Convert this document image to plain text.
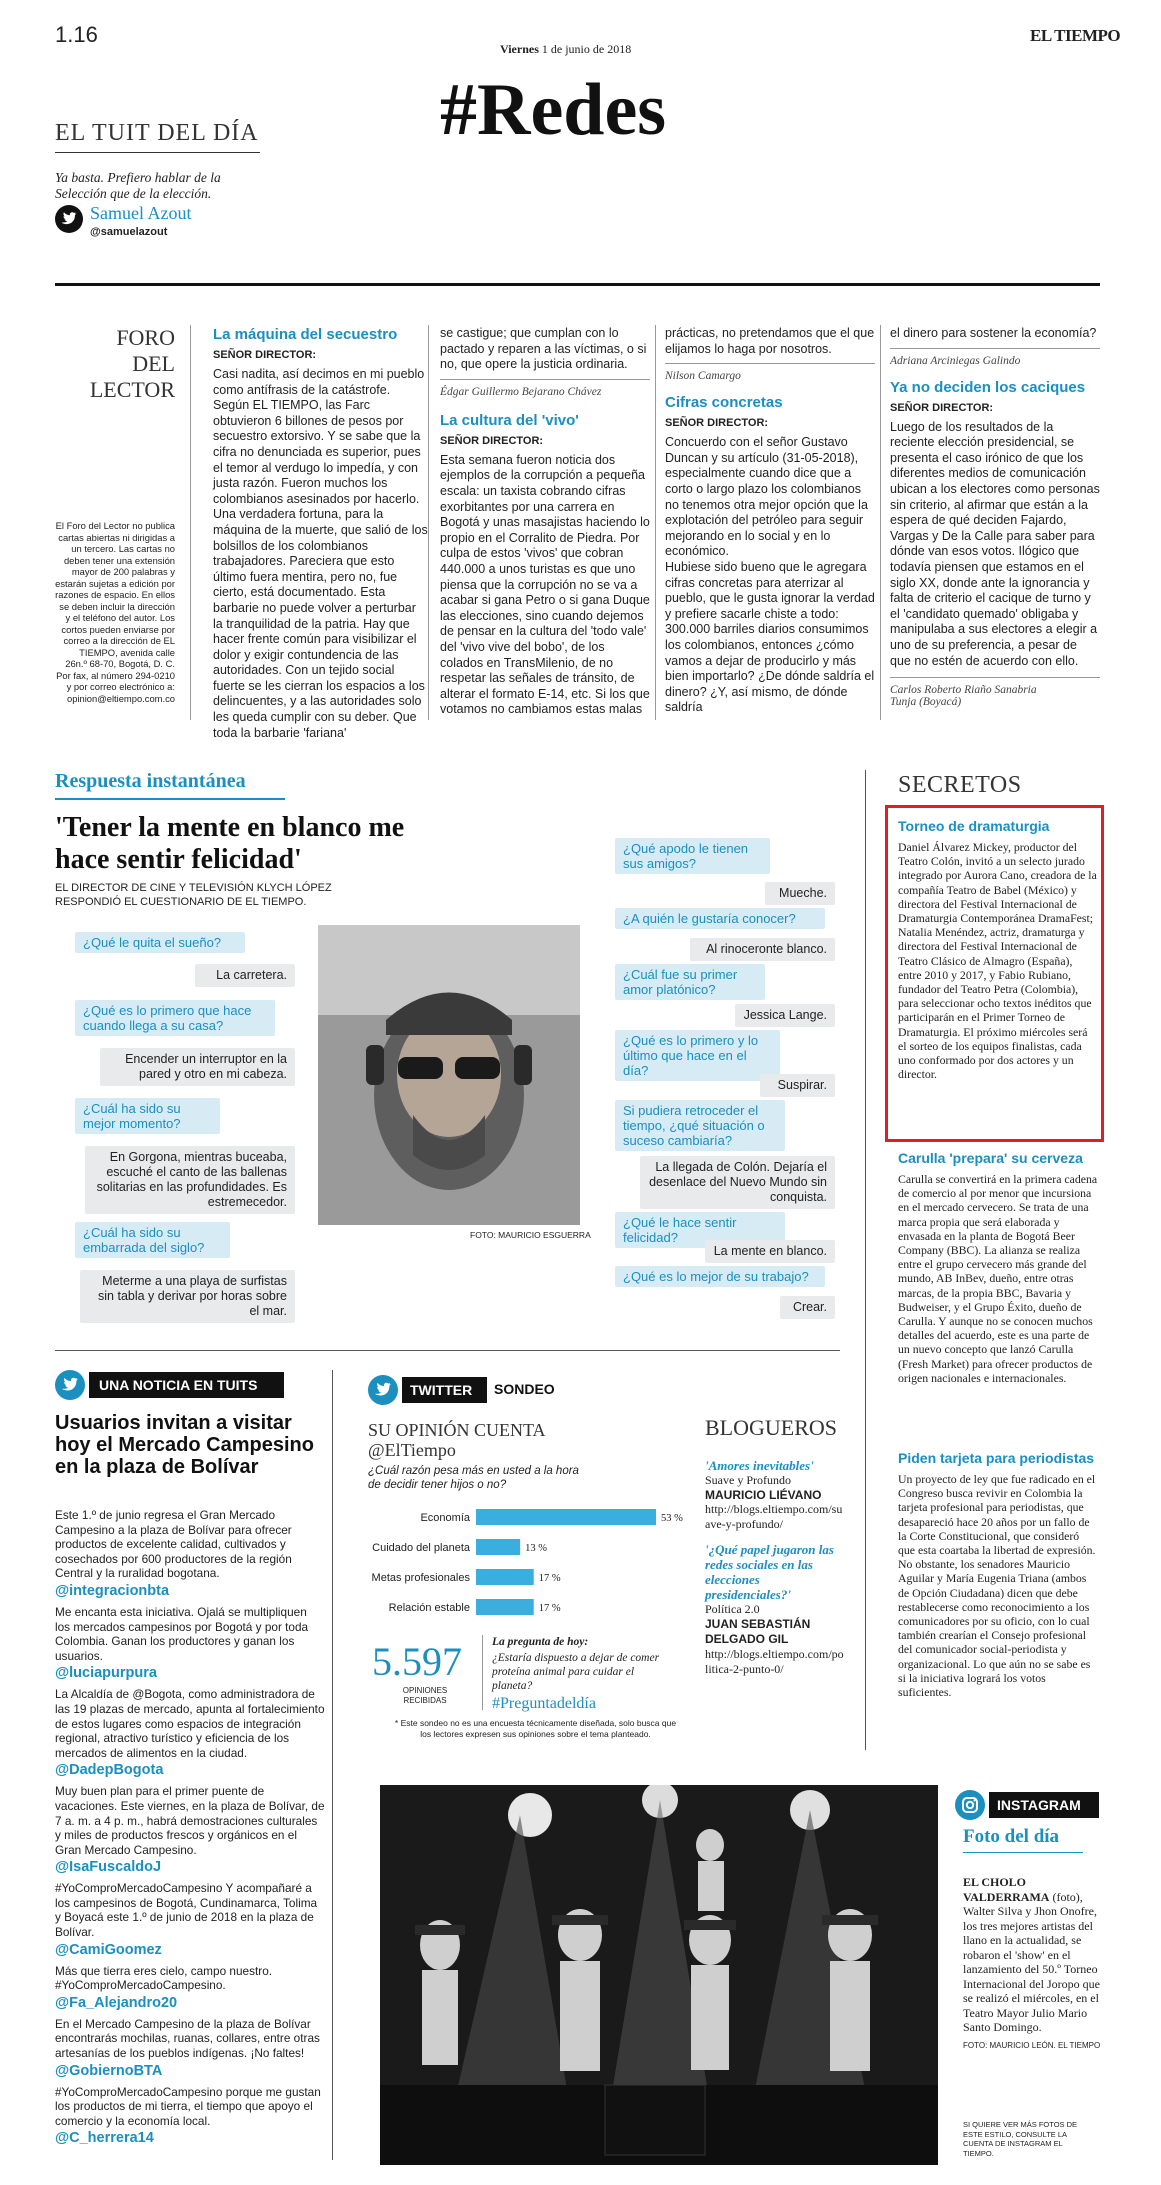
1.16
Viernes 1 de junio de 2018
EL TIEMPO
#Redes
EL TUIT DEL DÍA
Ya basta. Prefiero hablar de la Selección que de la elección.
Samuel Azout
@samuelazout
FORO DEL LECTOR
El Foro del Lector no publica cartas abiertas ni dirigidas a un tercero. Las cartas no deben tener una extensión mayor de 200 palabras y estarán sujetas a edición por razones de espacio. En ellos se deben incluir la dirección y el teléfono del autor. Los cortos pueden enviarse por correo a la dirección de EL TIEMPO, avenida calle 26n.º 68-70, Bogotá, D. C. Por fax, al número 294-0210 y por correo electrónico a: opinion@eltiempo.com.co
La máquina del secuestro
SEÑOR DIRECTOR:
Casi nadita, así decimos en mi pueblo como antífrasis de la catástrofe. Según EL TIEMPO, las Farc obtuvieron 6 billones de pesos por secuestro extorsivo. Y se sabe que la cifra no denunciada es superior, pues el temor al verdugo lo impedía, y con justa razón. Fueron muchos los colombianos asesinados por hacerlo. Una verdadera fortuna, para la máquina de la muerte, que salió de los bolsillos de los colombianos trabajadores. Pareciera que esto último fuera mentira, pero no, fue cierto, está documentado. Esta barbarie no puede volver a perturbar la tranquilidad de la patria. Hay que hacer frente común para visibilizar el dolor y exigir contundencia de las autoridades. Con un tejido social fuerte se les cierran los espacios a los delincuentes, y a las autoridades solo les queda cumplir con su deber. Que toda la barbarie 'fariana'
se castigue; que cumplan con lo pactado y reparen a las víctimas, o si no, que opere la justicia ordinaria.
Édgar Guillermo Bejarano Chávez
La cultura del 'vivo'
SEÑOR DIRECTOR:
Esta semana fueron noticia dos ejemplos de la corrupción a pequeña escala: un taxista cobrando cifras exorbitantes por una carrera en Bogotá y unas masajistas haciendo lo propio en el Corralito de Piedra. Por culpa de estos 'vivos' que cobran 440.000 a unos turistas es que uno piensa que la corrupción no se va a acabar si gana Petro o si gana Duque las elecciones, sino cuando dejemos de pensar en la cultura del 'todo vale' del 'vivo vive del bobo', de los colados en TransMilenio, de no respetar las señales de tránsito, de alterar el formato E-14, etc. Si los que votamos no cambiamos estas malas
prácticas, no pretendamos que el que elijamos lo haga por nosotros.
Nilson Camargo
Cifras concretas
SEÑOR DIRECTOR:
Concuerdo con el señor Gustavo Duncan y su artículo (31-05-2018), especialmente cuando dice que a corto o largo plazo los colombianos no tenemos otra mejor opción que la explotación del petróleo para seguir mejorando en lo social y en lo económico.
Hubiese sido bueno que le agregara cifras concretas para aterrizar al pueblo, que le gusta ignorar la verdad y prefiere sacarle chiste a todo: 300.000 barriles diarios consumimos los colombianos, entonces ¿cómo vamos a dejar de producirlo y más bien importarlo? ¿De dónde saldría el dinero? ¿Y, así mismo, de dónde saldría
el dinero para sostener la economía?
Adriana Arciniegas Galindo
Ya no deciden los caciques
SEÑOR DIRECTOR:
Luego de los resultados de la reciente elección presidencial, se presenta el caso irónico de que los diferentes medios de comunicación ubican a los electores como personas sin criterio, al afirmar que están a la espera de qué deciden Fajardo, Vargas y De la Calle para saber para dónde van esos votos. Ilógico que todavía piensen que estamos en el siglo XX, donde ante la ignorancia y falta de criterio el cacique de turno y el 'candidato quemado' obligaba y manipulaba a sus electores a elegir a uno de su preferencia, a pesar de que no estén de acuerdo con ello.
Carlos Roberto Riaño Sanabria
Tunja (Boyacá)
Respuesta instantánea
'Tener la mente en blanco me hace sentir felicidad'
EL DIRECTOR DE CINE Y TELEVISIÓN KLYCH LÓPEZ RESPONDIÓ EL CUESTIONARIO DE EL TIEMPO.
FOTO: MAURICIO ESGUERRA
¿Qué le quita el sueño?
La carretera.
¿Qué es lo primero que hace cuando llega a su casa?
Encender un interruptor en la pared y otro en mi cabeza.
¿Cuál ha sido su mejor momento?
En Gorgona, mientras buceaba, escuché el canto de las ballenas solitarias en las profundidades. Es estremecedor.
¿Cuál ha sido su embarrada del siglo?
Meterme a una playa de surfistas sin tabla y derivar por horas sobre el mar.
¿Qué apodo le tienen sus amigos?
Mueche.
¿A quién le gustaría conocer?
Al rinoceronte blanco.
¿Cuál fue su primer amor platónico?
Jessica Lange.
¿Qué es lo primero y lo último que hace en el día?
Suspirar.
Si pudiera retroceder el tiempo, ¿qué situación o suceso cambiaría?
La llegada de Colón. Dejaría el desenlace del Nuevo Mundo sin conquista.
¿Qué le hace sentir felicidad?
La mente en blanco.
¿Qué es lo mejor de su trabajo?
Crear.
SECRETOS
Torneo de dramaturgia
Daniel Álvarez Mickey, productor del Teatro Colón, invitó a un selecto jurado integrado por Aurora Cano, creadora de la compañía Teatro de Babel (México) y directora del Festival Internacional de Dramaturgia Contemporánea DramaFest; Natalia Menéndez, actriz, dramaturga y directora del Festival Internacional de Teatro Clásico de Almagro (España), entre 2010 y 2017, y Fabio Rubiano, fundador del Teatro Petra (Colombia), para seleccionar ocho textos inéditos que participarán en el Primer Torneo de Dramaturgia. El próximo miércoles será el sorteo de los equipos finalistas, cada uno conformado por dos actores y un director.
Carulla 'prepara' su cerveza
Carulla se convertirá en la primera cadena de comercio al por menor que incursiona en el mercado cervecero. Se trata de una marca propia que será elaborada y envasada en la planta de Bogotá Beer Company (BBC). La alianza se realiza entre el grupo cervecero más grande del mundo, AB InBev, dueño, entre otras marcas, de la propia BBC, Bavaria y Budweiser, y el Grupo Éxito, dueño de Carulla. Y aunque no se conocen muchos detalles del acuerdo, este es una parte de un nuevo concepto que lanzó Carulla (Fresh Market) para ofrecer productos de origen nacionales e internacionales.
Piden tarjeta para periodistas
Un proyecto de ley que fue radicado en el Congreso busca revivir en Colombia la tarjeta profesional para periodistas, que desapareció hace 20 años por un fallo de la Corte Constitucional, que consideró que esta coartaba la libertad de expresión. No obstante, los senadores Mauricio Aguilar y María Eugenia Triana (ambos de Opción Ciudadana) dicen que debe restablecerse como reconocimiento a los comunicadores por su oficio, con lo cual también crearían el Consejo profesional del comunicador social-periodista y organizacional. Lo que aún no se sabe es si la iniciativa logrará los votos suficientes.
UNA NOTICIA EN TUITS
Usuarios invitan a visitar hoy el Mercado Campesino en la plaza de Bolívar
Este 1.º de junio regresa el Gran Mercado Campesino a la plaza de Bolívar para ofrecer productos de excelente calidad, cultivados y cosechados por 600 productores de la región Central y la ruralidad bogotana.
@integracionbta
Me encanta esta iniciativa. Ojalá se multipliquen los mercados campesinos por Bogotá y por toda Colombia. Ganan los productores y ganan los usuarios.
@luciapurpura
La Alcaldía de @Bogota, como administradora de las 19 plazas de mercado, apunta al fortalecimiento de estos lugares como espacios de integración regional, atractivo turístico y eficiencia de los mercados de alimentos en la ciudad.
@DadepBogota
Muy buen plan para el primer puente de vacaciones. Este viernes, en la plaza de Bolívar, de 7 a. m. a 4 p. m., habrá demostraciones culturales y miles de productos frescos y orgánicos en el Gran Mercado Campesino.
@IsaFuscaldoJ
#YoComproMercadoCampesino Y acompañaré a los campesinos de Bogotá, Cundinamarca, Tolima y Boyacá este 1.º de junio de 2018 en la plaza de Bolívar.
@CamiGoomez
Más que tierra eres cielo, campo nuestro. #YoComproMercadoCampesino.
@Fa_Alejandro20
En el Mercado Campesino de la plaza de Bolívar encontrarás mochilas, ruanas, collares, entre otras artesanías de los pueblos indígenas. ¡No faltes!
@GobiernoBTA
#YoComproMercadoCampesino porque me gustan los productos de mi tierra, el tiempo que apoyo el comercio y la economía local.
@C_herrera14
TWITTER	SONDEO
SU OPINIÓN CUENTA
@ElTiempo
¿Cuál razón pesa más en usted a la hora de decidir tener hijos o no?
Economía	53 %
Cuidado del planeta	13 %
Metas profesionales	17 %
Relación estable	17 %
5.597
OPINIONES RECIBIDAS
La pregunta de hoy:
¿Estaría dispuesto a dejar de comer proteína animal para cuidar el planeta?
#Preguntadeldía
* Este sondeo no es una encuesta técnicamente diseñada, solo busca que los lectores expresen sus opiniones sobre el tema planteado.
BLOGUEROS
'Amores inevitables'
Suave y Profundo
MAURICIO LIÉVANO
http://blogs.eltiempo.com/suave-y-profundo/
'¿Qué papel jugaron las redes sociales en las elecciones presidenciales?'
Política 2.0
JUAN SEBASTIÁN DELGADO GIL
http://blogs.eltiempo.com/politica-2-punto-0/
INSTAGRAM
Foto del día
EL CHOLO VALDERRAMA (foto), Walter Silva y Jhon Onofre, los tres mejores artistas del llano en la actualidad, se robaron el 'show' en el lanzamiento del 50.º Torneo Internacional del Joropo que se realizó el miércoles, en el Teatro Mayor Julio Mario Santo Domingo.
FOTO: MAURICIO LEÓN. EL TIEMPO
SI QUIERE VER MÁS FOTOS DE ESTE ESTILO, CONSULTE LA CUENTA DE INSTAGRAM EL TIEMPO.
